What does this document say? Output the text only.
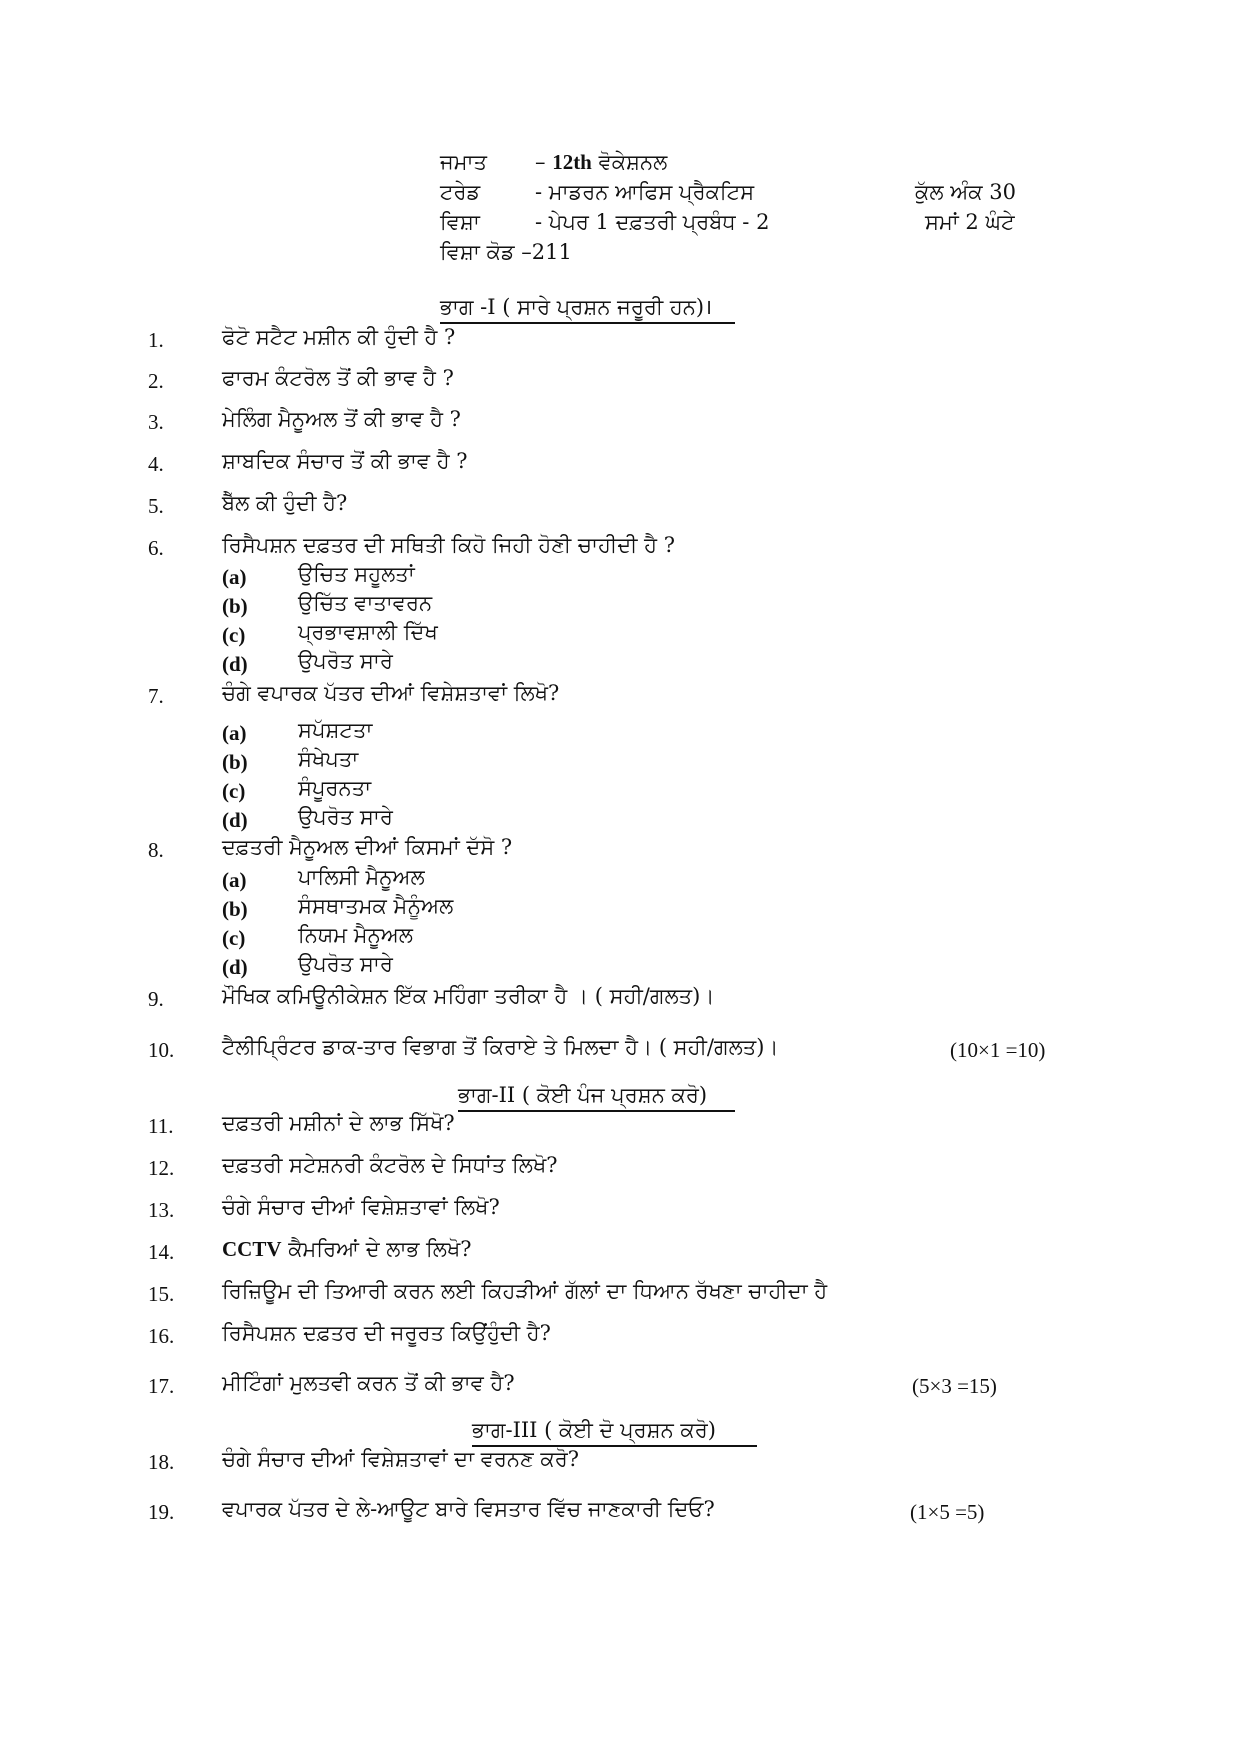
ਜਮਾਤ – 12th ਵੋਕੇਸ਼ਨਲ
ਟਰੇਡ	- ਮਾਡਰਨ ਆਫਿਸ ਪ੍ਰੈਕਟਿਸ	ਕੁੱਲ ਅੰਕ 30
ਵਿਸ਼ਾ	- ਪੇਪਰ 1 ਦਫ਼ਤਰੀ ਪ੍ਰਬੰਧ - 2	ਸਮਾਂ 2 ਘੰਟੇ
ਵਿਸ਼ਾ ਕੋਡ –211
ਭਾਗ -I ( ਸਾਰੇ ਪ੍ਰਸ਼ਨ ਜਰੂਰੀ ਹਨ)।
1.	ਫੋਟੋ ਸਟੈਟ ਮਸ਼ੀਨ ਕੀ ਹੁੰਦੀ ਹੈ ?
2.	ਫਾਰਮ ਕੰਟਰੋਲ ਤੋਂ ਕੀ ਭਾਵ ਹੈ ?
3.	ਮੇਲਿੰਗ ਮੈਨੂਅਲ ਤੋਂ ਕੀ ਭਾਵ ਹੈ ?
4.	ਸ਼ਾਬਦਿਕ ਸੰਚਾਰ ਤੋਂ ਕੀ ਭਾਵ ਹੈ ?
5.	ਬੈੱਲ ਕੀ ਹੁੰਦੀ ਹੈ?
6.	ਰਿਸੈਪਸ਼ਨ ਦਫ਼ਤਰ ਦੀ ਸਥਿਤੀ ਕਿਹੋ ਜਿਹੀ ਹੋਣੀ ਚਾਹੀਦੀ ਹੈ ?
(a) ਉਚਿਤ ਸਹੂਲਤਾਂ
(b) ਉਚਿੱਤ ਵਾਤਾਵਰਨ
(c)	ਪ੍ਰਭਾਵਸ਼ਾਲੀ ਦਿੱਖ
(d) ਉਪਰੋਤ ਸਾਰੇ
7.	ਚੰਗੇ ਵਪਾਰਕ ਪੱਤਰ ਦੀਆਂ ਵਿਸ਼ੇਸ਼ਤਾਵਾਂ ਲਿਖੋ?
(a) ਸਪੱਸ਼ਟਤਾ
(b) ਸੰਖੇਪਤਾ
(c)	ਸੰਪੂਰਨਤਾ
(d) ਉਪਰੋਤ ਸਾਰੇ
8.	ਦਫ਼ਤਰੀ ਮੈਨੂਅਲ ਦੀਆਂ ਕਿਸਮਾਂ ਦੱਸੋ ?
(a) ਪਾਲਿਸੀ ਮੈਨੂਅਲ
(b) ਸੰਸਥਾਤਮਕ ਮੈਨੂੰਅਲ
(c)	ਨਿਯਮ ਮੈਨੂਅਲ
(d) ਉਪਰੋਤ ਸਾਰੇ
9.	ਮੌਖਿਕ ਕਮਿਊਨੀਕੇਸ਼ਨ ਇੱਕ ਮਹਿੰਗਾ ਤਰੀਕਾ ਹੈ । ( ਸਹੀ/ਗਲਤ)।
10. ਟੈਲੀਪ੍ਰਿੰਟਰ ਡਾਕ-ਤਾਰ ਵਿਭਾਗ ਤੋਂ ਕਿਰਾਏ ਤੇ ਮਿਲਦਾ ਹੈ। ( ਸਹੀ/ਗਲਤ)।	(10×1 =10)
ਭਾਗ-II ( ਕੋਈ ਪੰਜ ਪ੍ਰਸ਼ਨ ਕਰੋ)
11. ਦਫ਼ਤਰੀ ਮਸ਼ੀਨਾਂ ਦੇ ਲਾਭ ਸਿੱਖੋ?
12. ਦਫ਼ਤਰੀ ਸਟੇਸ਼ਨਰੀ ਕੰਟਰੋਲ ਦੇ ਸਿਧਾਂਤ ਲਿਖੋ?
13. ਚੰਗੇ ਸੰਚਾਰ ਦੀਆਂ ਵਿਸ਼ੇਸ਼ਤਾਵਾਂ ਲਿਖੋ?
14. CCTV ਕੈਮਰਿਆਂ ਦੇ ਲਾਭ ਲਿਖੋ?
15. ਰਿਜ਼ਿਊਮ ਦੀ ਤਿਆਰੀ ਕਰਨ ਲਈ ਕਿਹੜੀਆਂ ਗੱਲਾਂ ਦਾ ਧਿਆਨ ਰੱਖਣਾ ਚਾਹੀਦਾ ਹੈ
16. ਰਿਸੈਪਸ਼ਨ ਦਫ਼ਤਰ ਦੀ ਜਰੂਰਤ ਕਿਉਂਹੁੰਦੀ ਹੈ?
17. ਮੀਟਿੰਗਾਂ ਮੁਲਤਵੀ ਕਰਨ ਤੋਂ ਕੀ ਭਾਵ ਹੈ?	(5×3 =15)
ਭਾਗ-III ( ਕੋਈ ਦੋ ਪ੍ਰਸ਼ਨ ਕਰੋ)
18. ਚੰਗੇ ਸੰਚਾਰ ਦੀਆਂ ਵਿਸ਼ੇਸ਼ਤਾਵਾਂ ਦਾ ਵਰਨਣ ਕਰੋ?
19. ਵਪਾਰਕ ਪੱਤਰ ਦੇ ਲੇ-ਆਊਟ ਬਾਰੇ ਵਿਸਤਾਰ ਵਿੱਚ ਜਾਣਕਾਰੀ ਦਿਓ?	(1×5 =5)
